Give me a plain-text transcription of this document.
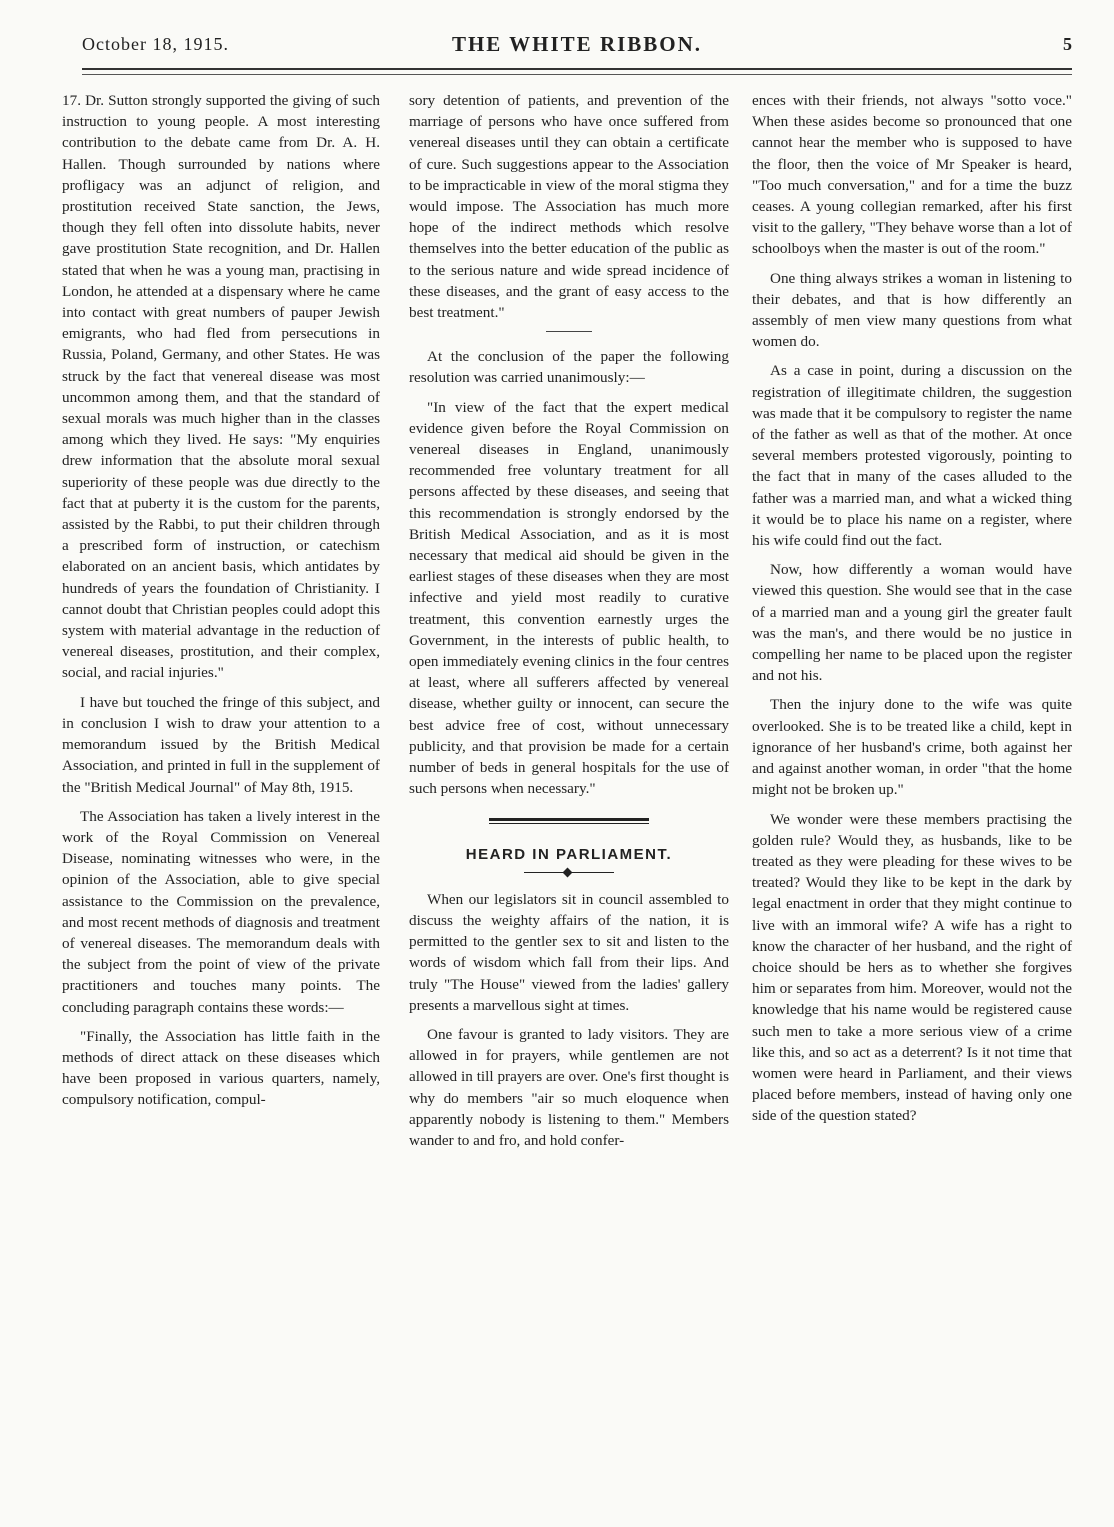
October 18, 1915.	THE WHITE RIBBON.	5

17. Dr. Sutton strongly supported the giving of such instruction to young people. A most interesting contribution to the debate came from Dr. A. H. Hallen. Though surrounded by nations where profligacy was an adjunct of religion, and prostitution received State sanction, the Jews, though they fell often into dissolute habits, never gave prostitution State recognition, and Dr. Hallen stated that when he was a young man, practising in London, he attended at a dispensary where he came into contact with great numbers of pauper Jewish emigrants, who had fled from persecutions in Russia, Poland, Germany, and other States. He was struck by the fact that venereal disease was most uncommon among them, and that the standard of sexual morals was much higher than in the classes among which they lived. He says: "My enquiries drew information that the absolute moral sexual superiority of these people was due directly to the fact that at puberty it is the custom for the parents, assisted by the Rabbi, to put their children through a prescribed form of instruction, or catechism elaborated on an ancient basis, which antidates by hundreds of years the foundation of Christianity. I cannot doubt that Christian peoples could adopt this system with material advantage in the reduction of venereal diseases, prostitution, and their complex, social, and racial injuries."

I have but touched the fringe of this subject, and in conclusion I wish to draw your attention to a memorandum issued by the British Medical Association, and printed in full in the supplement of the "British Medical Journal" of May 8th, 1915.

The Association has taken a lively interest in the work of the Royal Commission on Venereal Disease, nominating witnesses who were, in the opinion of the Association, able to give special assistance to the Commission on the prevalence, and most recent methods of diagnosis and treatment of venereal diseases. The memorandum deals with the subject from the point of view of the private practitioners and touches many points. The concluding paragraph contains these words:—

"Finally, the Association has little faith in the methods of direct attack on these diseases which have been proposed in various quarters, namely, compulsory notification, compul-

sory detention of patients, and prevention of the marriage of persons who have once suffered from venereal diseases until they can obtain a certificate of cure. Such suggestions appear to the Association to be impracticable in view of the moral stigma they would impose. The Association has much more hope of the indirect methods which resolve themselves into the better education of the public as to the serious nature and wide spread incidence of these diseases, and the grant of easy access to the best treatment."

At the conclusion of the paper the following resolution was carried unanimously:—

"In view of the fact that the expert medical evidence given before the Royal Commission on venereal diseases in England, unanimously recommended free voluntary treatment for all persons affected by these diseases, and seeing that this recommendation is strongly endorsed by the British Medical Association, and as it is most necessary that medical aid should be given in the earliest stages of these diseases when they are most infective and yield most readily to curative treatment, this convention earnestly urges the Government, in the interests of public health, to open immediately evening clinics in the four centres at least, where all sufferers affected by venereal disease, whether guilty or innocent, can secure the best advice free of cost, without unnecessary publicity, and that provision be made for a certain number of beds in general hospitals for the use of such persons when necessary."

HEARD IN PARLIAMENT.

When our legislators sit in council assembled to discuss the weighty affairs of the nation, it is permitted to the gentler sex to sit and listen to the words of wisdom which fall from their lips. And truly "The House" viewed from the ladies' gallery presents a marvellous sight at times.

One favour is granted to lady visitors. They are allowed in for prayers, while gentlemen are not allowed in till prayers are over. One's first thought is why do members "air so much eloquence when apparently nobody is listening to them." Members wander to and fro, and hold confer-

ences with their friends, not always "sotto voce." When these asides become so pronounced that one cannot hear the member who is supposed to have the floor, then the voice of Mr Speaker is heard, "Too much conversation," and for a time the buzz ceases. A young collegian remarked, after his first visit to the gallery, "They behave worse than a lot of schoolboys when the master is out of the room."

One thing always strikes a woman in listening to their debates, and that is how differently an assembly of men view many questions from what women do.

As a case in point, during a discussion on the registration of illegitimate children, the suggestion was made that it be compulsory to register the name of the father as well as that of the mother. At once several members protested vigorously, pointing to the fact that in many of the cases alluded to the father was a married man, and what a wicked thing it would be to place his name on a register, where his wife could find out the fact.

Now, how differently a woman would have viewed this question. She would see that in the case of a married man and a young girl the greater fault was the man's, and there would be no justice in compelling her name to be placed upon the register and not his.

Then the injury done to the wife was quite overlooked. She is to be treated like a child, kept in ignorance of her husband's crime, both against her and against another woman, in order "that the home might not be broken up."

We wonder were these members practising the golden rule? Would they, as husbands, like to be treated as they were pleading for these wives to be treated? Would they like to be kept in the dark by legal enactment in order that they might continue to live with an immoral wife? A wife has a right to know the character of her husband, and the right of choice should be hers as to whether she forgives him or separates from him. Moreover, would not the knowledge that his name would be registered cause such men to take a more serious view of a crime like this, and so act as a deterrent? Is it not time that women were heard in Parliament, and their views placed before members, instead of having only one side of the question stated?
